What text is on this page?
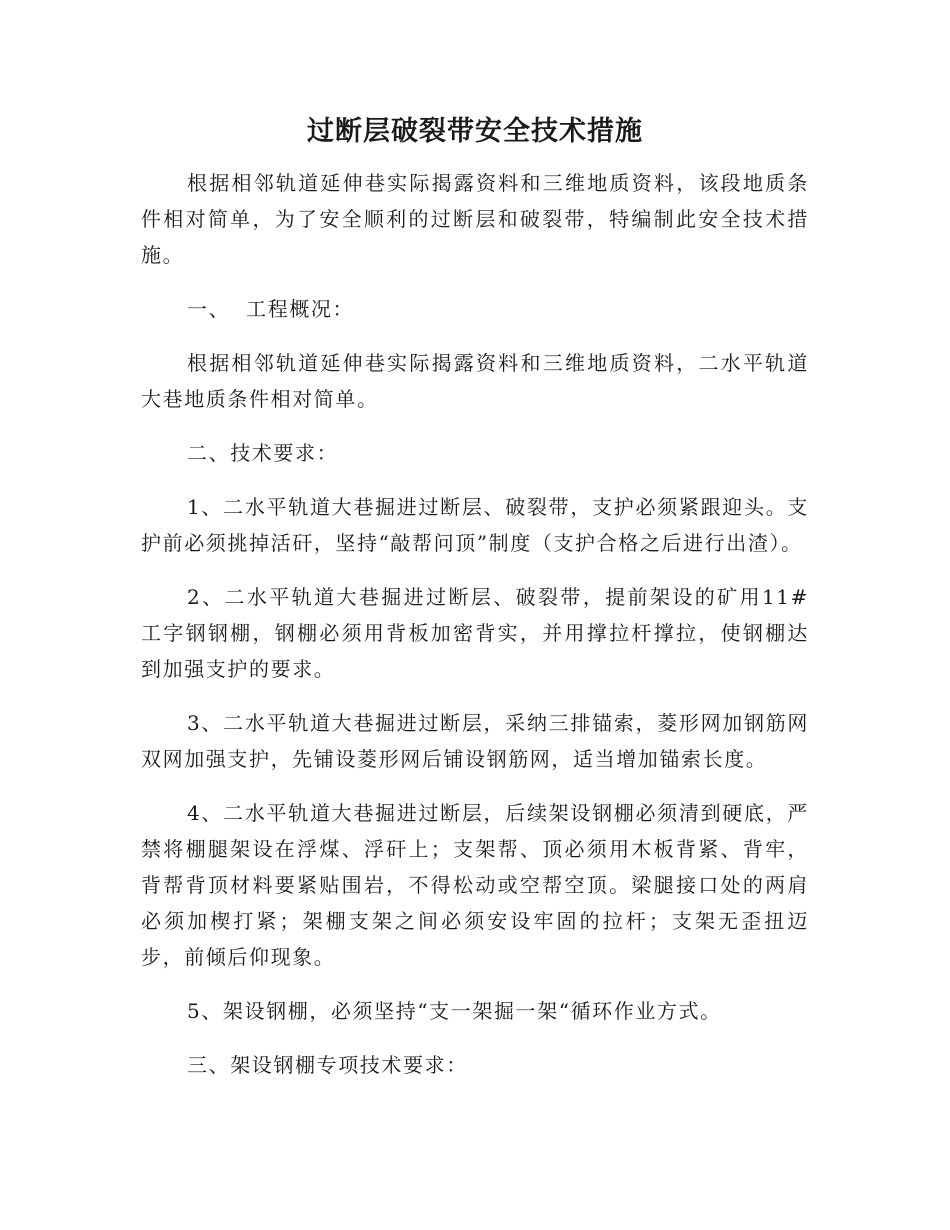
过断层破裂带安全技术措施

根据相邻轨道延伸巷实际揭露资料和三维地质资料，该段地质条件相对简单，为了安全顺利的过断层和破裂带，特编制此安全技术措施。

一、  工程概况：

根据相邻轨道延伸巷实际揭露资料和三维地质资料，二水平轨道大巷地质条件相对简单。

二、技术要求：

1、二水平轨道大巷掘进过断层、破裂带，支护必须紧跟迎头。支护前必须挑掉活矸，坚持“敲帮问顶”制度（支护合格之后进行出渣）。

2、二水平轨道大巷掘进过断层、破裂带，提前架设的矿用11#工字钢钢棚，钢棚必须用背板加密背实，并用撑拉杆撑拉，使钢棚达到加强支护的要求。

3、二水平轨道大巷掘进过断层，采纳三排锚索，菱形网加钢筋网双网加强支护，先铺设菱形网后铺设钢筋网，适当增加锚索长度。

4、二水平轨道大巷掘进过断层，后续架设钢棚必须清到硬底，严禁将棚腿架设在浮煤、浮矸上；支架帮、顶必须用木板背紧、背牢，背帮背顶材料要紧贴围岩，不得松动或空帮空顶。梁腿接口处的两肩必须加楔打紧；架棚支架之间必须安设牢固的拉杆；支架无歪扭迈步，前倾后仰现象。

5、架设钢棚，必须坚持“支一架掘一架“循环作业方式。

三、架设钢棚专项技术要求：
